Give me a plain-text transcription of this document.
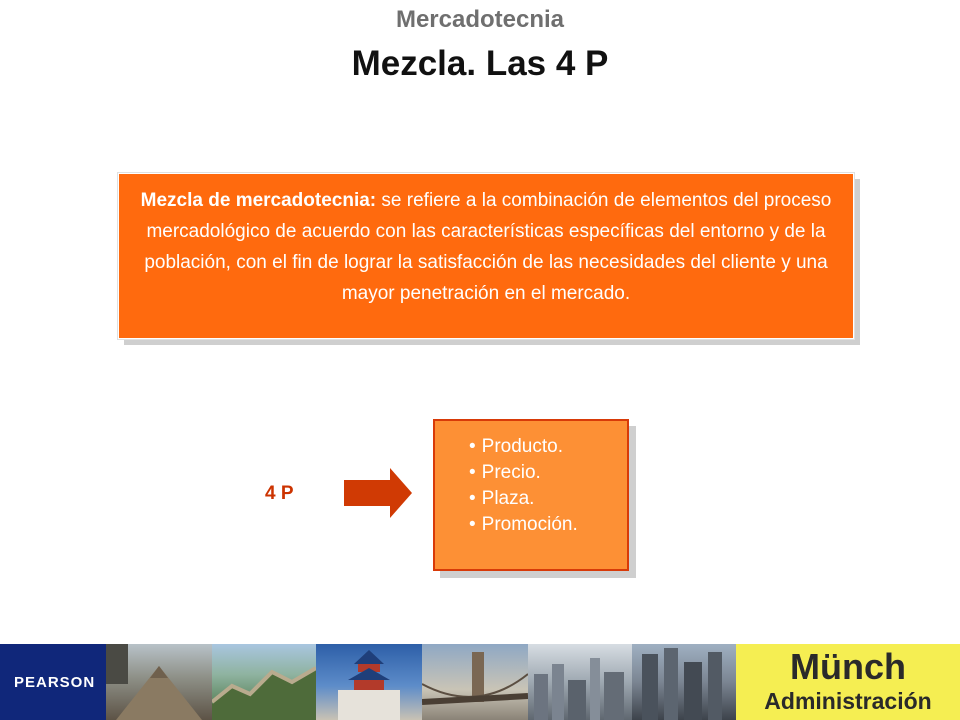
Mercadotecnia
Mezcla. Las 4 P
Mezcla de mercadotecnia: se refiere a la combinación de elementos del proceso mercadológico de acuerdo con las características específicas del entorno y de la población, con el fin de lograr la satisfacción de las necesidades del cliente y una mayor penetración en el mercado.
4 P
• Producto.
• Precio.
• Plaza.
• Promoción.
PEARSON	Münch
Administración
